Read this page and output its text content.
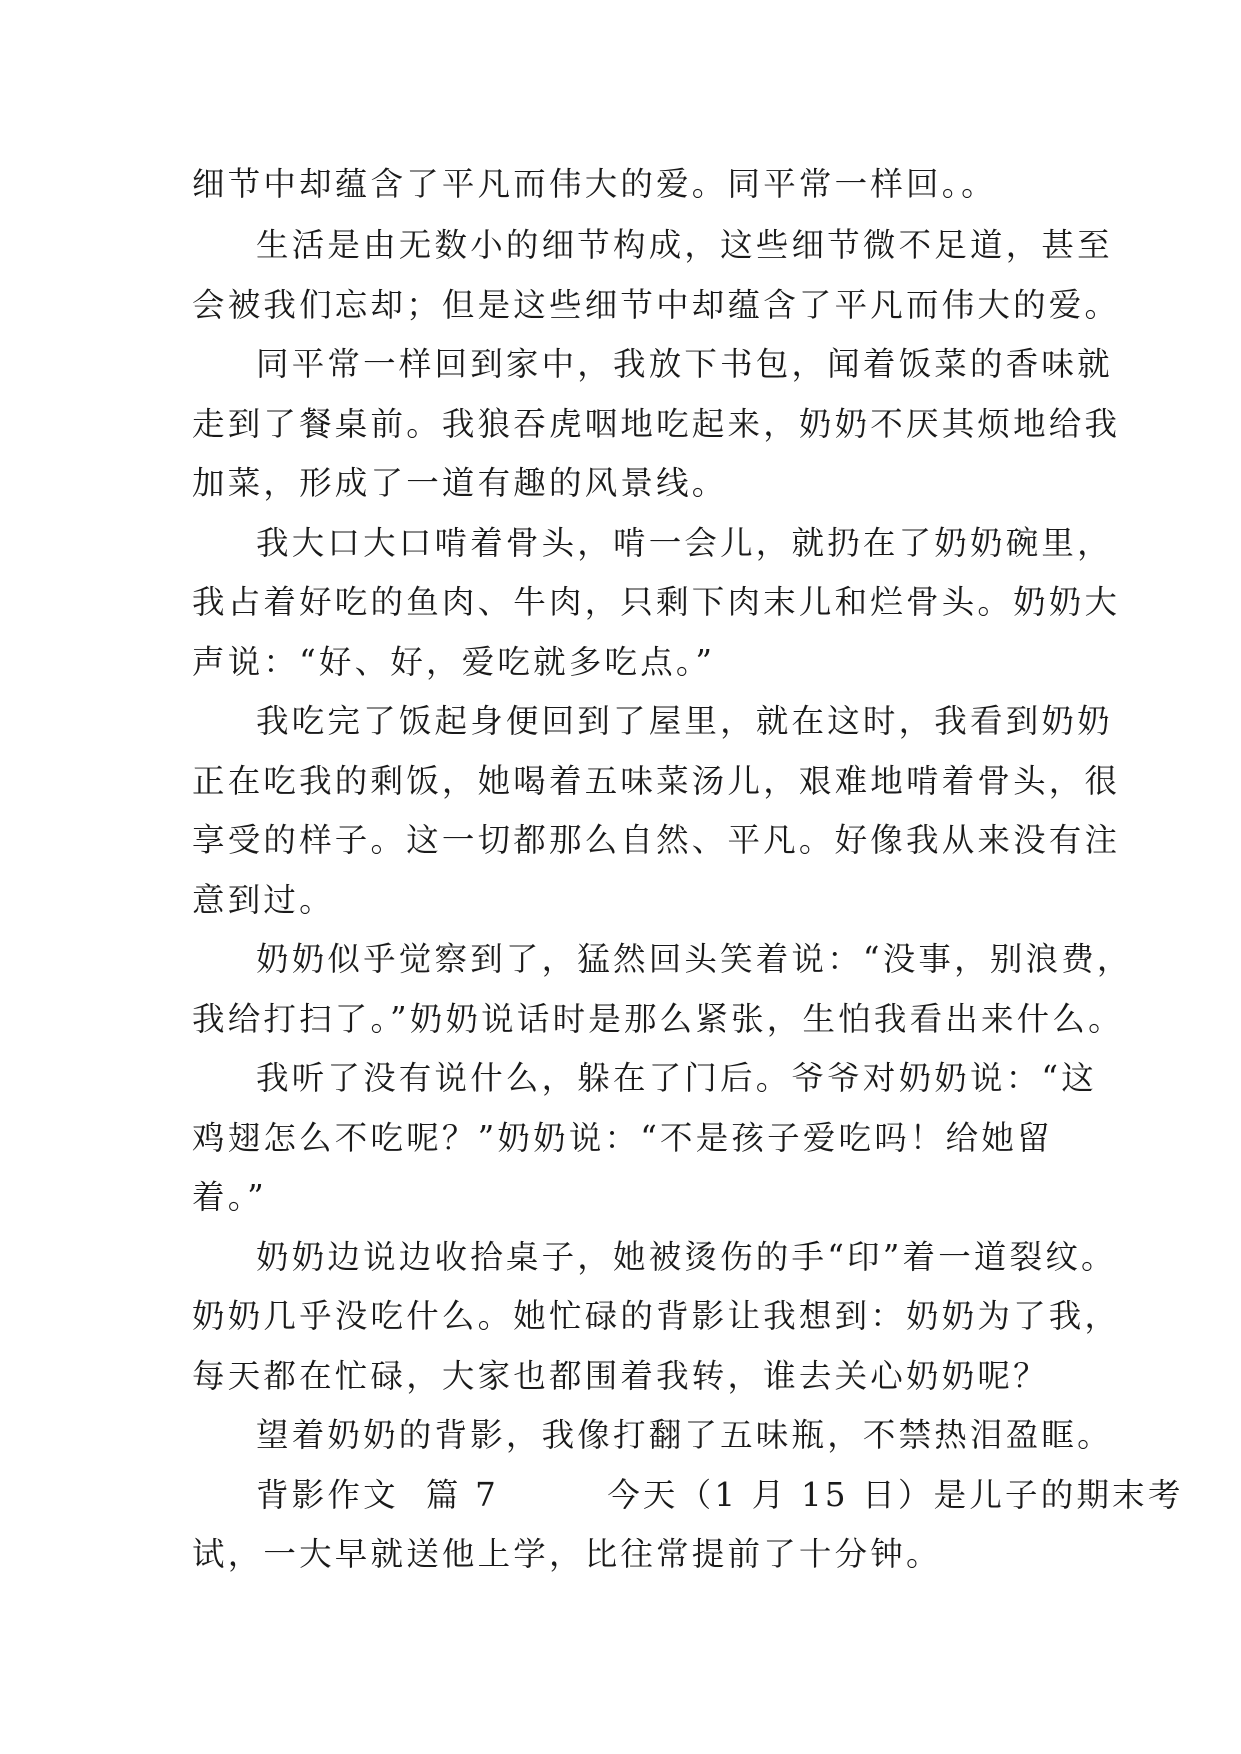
细节中却蕴含了平凡而伟大的爱。同平常一样回。。
生活是由无数小的细节构成，这些细节微不足道，甚至
会被我们忘却；但是这些细节中却蕴含了平凡而伟大的爱。
同平常一样回到家中，我放下书包，闻着饭菜的香味就
走到了餐桌前。我狼吞虎咽地吃起来，奶奶不厌其烦地给我
加菜，形成了一道有趣的风景线。
我大口大口啃着骨头，啃一会儿，就扔在了奶奶碗里，
我占着好吃的鱼肉、牛肉，只剩下肉末儿和烂骨头。奶奶大
声说：“好、好，爱吃就多吃点。”
我吃完了饭起身便回到了屋里，就在这时，我看到奶奶
正在吃我的剩饭，她喝着五味菜汤儿，艰难地啃着骨头，很
享受的样子。这一切都那么自然、平凡。好像我从来没有注
意到过。
奶奶似乎觉察到了，猛然回头笑着说：“没事，别浪费，
我给打扫了。”奶奶说话时是那么紧张，生怕我看出来什么。
我听了没有说什么，躲在了门后。爷爷对奶奶说：“这
鸡翅怎么不吃呢？”奶奶说：“不是孩子爱吃吗！给她留
着。”
奶奶边说边收拾桌子，她被烫伤的手“印”着一道裂纹。
奶奶几乎没吃什么。她忙碌的背影让我想到：奶奶为了我，
每天都在忙碌，大家也都围着我转，谁去关心奶奶呢？
望着奶奶的背影，我像打翻了五味瓶，不禁热泪盈眶。
背影作文  篇 7        今天（1 月 15 日）是儿子的期末考
试，一大早就送他上学，比往常提前了十分钟。
